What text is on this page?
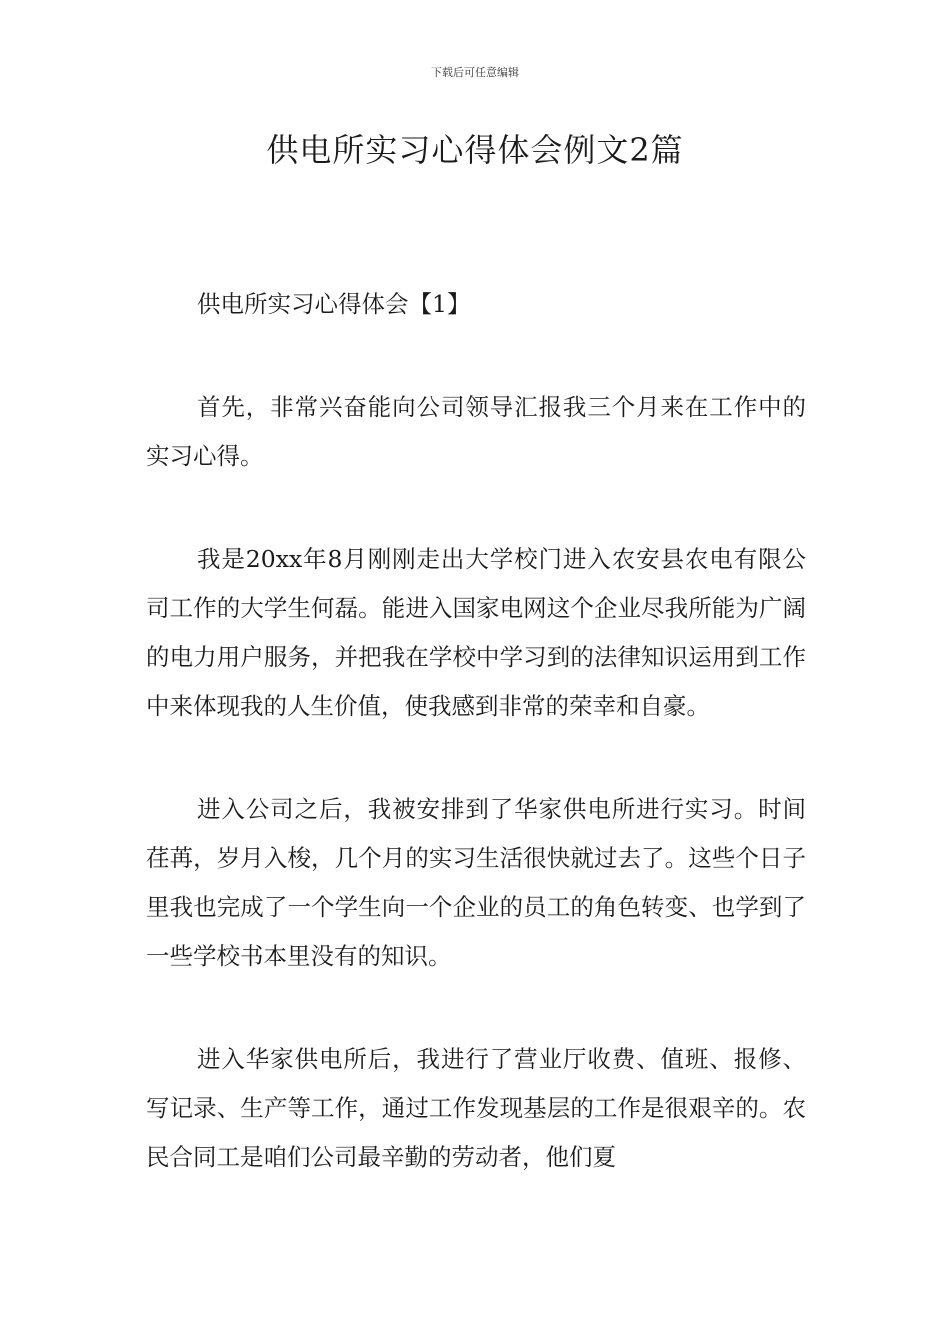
下载后可任意编辑
供电所实习心得体会例文2篇

供电所实习心得体会【1】

首先，非常兴奋能向公司领导汇报我三个月来在工作中的实习心得。

我是20xx年8月刚刚走出大学校门进入农安县农电有限公司工作的大学生何磊。能进入国家电网这个企业尽我所能为广阔的电力用户服务，并把我在学校中学习到的法律知识运用到工作中来体现我的人生价值，使我感到非常的荣幸和自豪。

进入公司之后，我被安排到了华家供电所进行实习。时间荏苒，岁月入梭，几个月的实习生活很快就过去了。这些个日子里我也完成了一个学生向一个企业的员工的角色转变、也学到了一些学校书本里没有的知识。

进入华家供电所后，我进行了营业厅收费、值班、报修、写记录、生产等工作，通过工作发现基层的工作是很艰辛的。农民合同工是咱们公司最辛勤的劳动者，他们夏
